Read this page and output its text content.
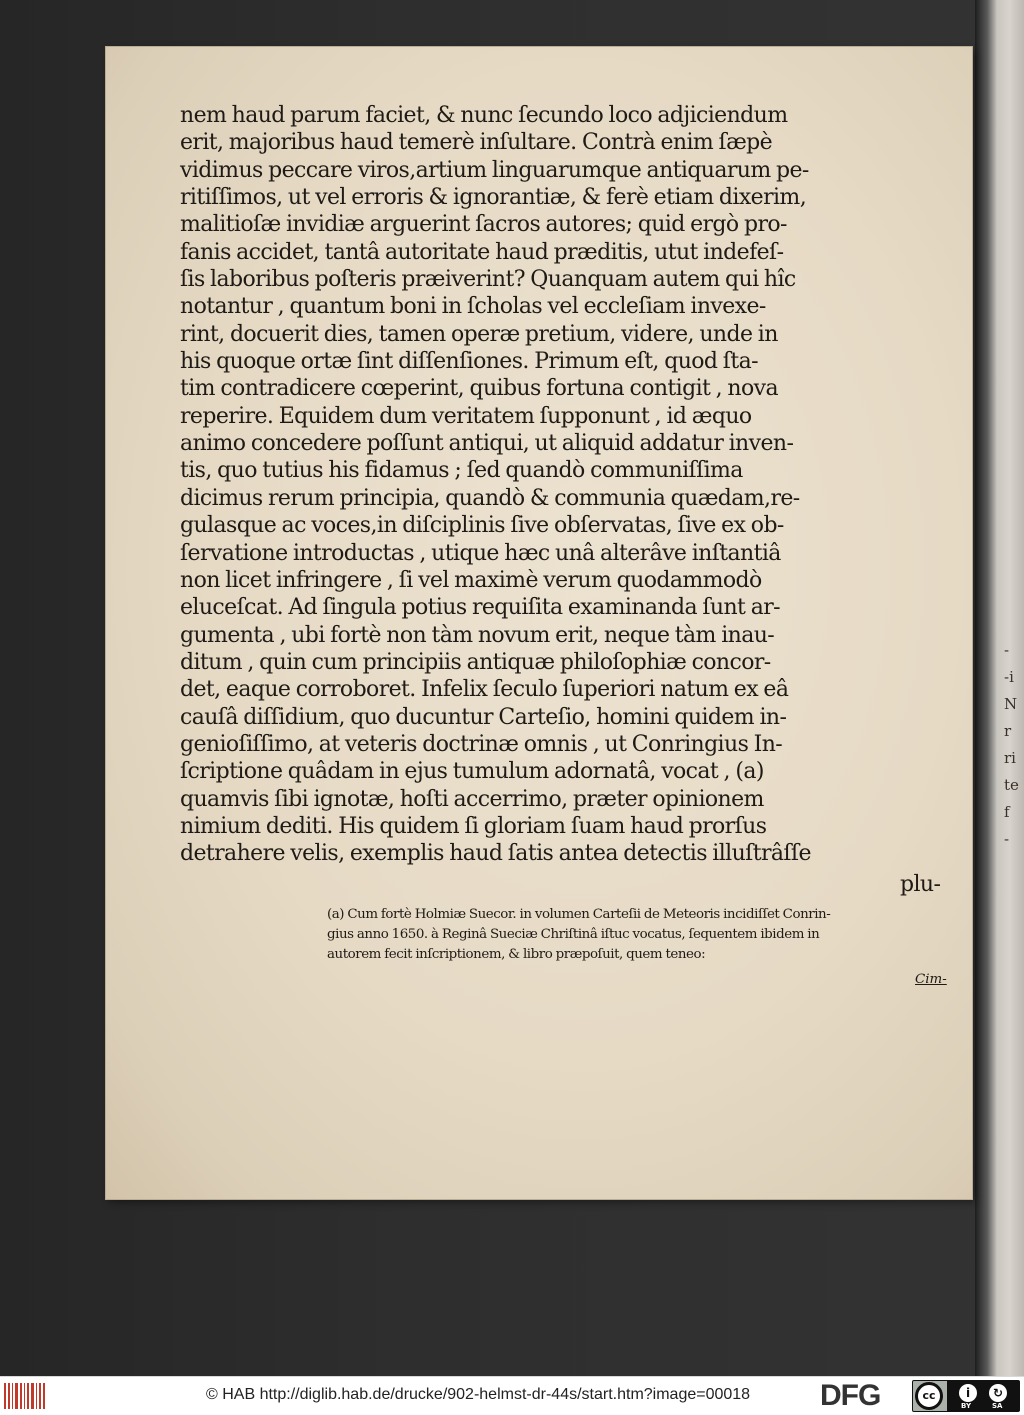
-
-i
N
r
ri
te
f
-
nem haud parum faciet, & nunc ſecundo loco adjiciendum
erit, majoribus haud temerè inſultare. Contrà enim ſæpè
vidimus peccare viros,artium linguarumque antiquarum pe-
ritiſſimos, ut vel erroris & ignorantiæ, & ferè etiam dixerim,
malitioſæ invidiæ arguerint ſacros autores; quid ergò pro-
fanis accidet, tantâ autoritate haud præditis, utut indefeſ-
ſis laboribus poſteris præiverint? Quanquam autem qui hîc
notantur , quantum boni in ſcholas vel eccleſiam invexe-
rint, docuerit dies, tamen operæ pretium, videre, unde in
his quoque ortæ ſint diſſenſiones. Primum eſt, quod ſta-
tim contradicere cœperint, quibus fortuna contigit , nova
reperire. Equidem dum veritatem ſupponunt , id æquo
animo concedere poſſunt antiqui, ut aliquid addatur inven-
tis, quo tutius his fidamus ; ſed quandò communiſſima
dicimus rerum principia, quandò & communia quædam,re-
gulasque ac voces,in diſciplinis ſive obſervatas, ſive ex ob-
ſervatione introductas , utique hæc unâ alterâve inſtantiâ
non licet infringere , ſi vel maximè verum quodammodò
eluceſcat. Ad ſingula potius requiſita examinanda ſunt ar-
gumenta , ubi fortè non tàm novum erit, neque tàm inau-
ditum , quin cum principiis antiquæ philoſophiæ concor-
det, eaque corroboret. Infelix ſeculo ſuperiori natum ex eâ
cauſâ diſſidium, quo ducuntur Carteſio, homini quidem in-
genioſiſſimo, at veteris doctrinæ omnis , ut Conringius In-
ſcriptione quâdam in ejus tumulum adornatâ, vocat , (a)
quamvis ſibi ignotæ, hoſti accerrimo, præter opinionem
nimium dediti. His quidem ſi gloriam ſuam haud prorſus
detrahere velis, exemplis haud ſatis antea detectis illuſtrâſſe
plu-
(a) Cum fortè Holmiæ Suecor. in volumen Carteſii de Meteoris incidiſſet Conrin-
gius anno 1650. à Reginâ Sueciæ Chriſtinâ iſtuc vocatus, ſequentem ibidem in
autorem fecit inſcriptionem, & libro præpoſuit, quem teneo:
Cim-
© HAB http://diglib.hab.de/drucke/902-helmst-dr-44s/start.htm?image=00018 DFG	cc	i	↻
BY	SA
